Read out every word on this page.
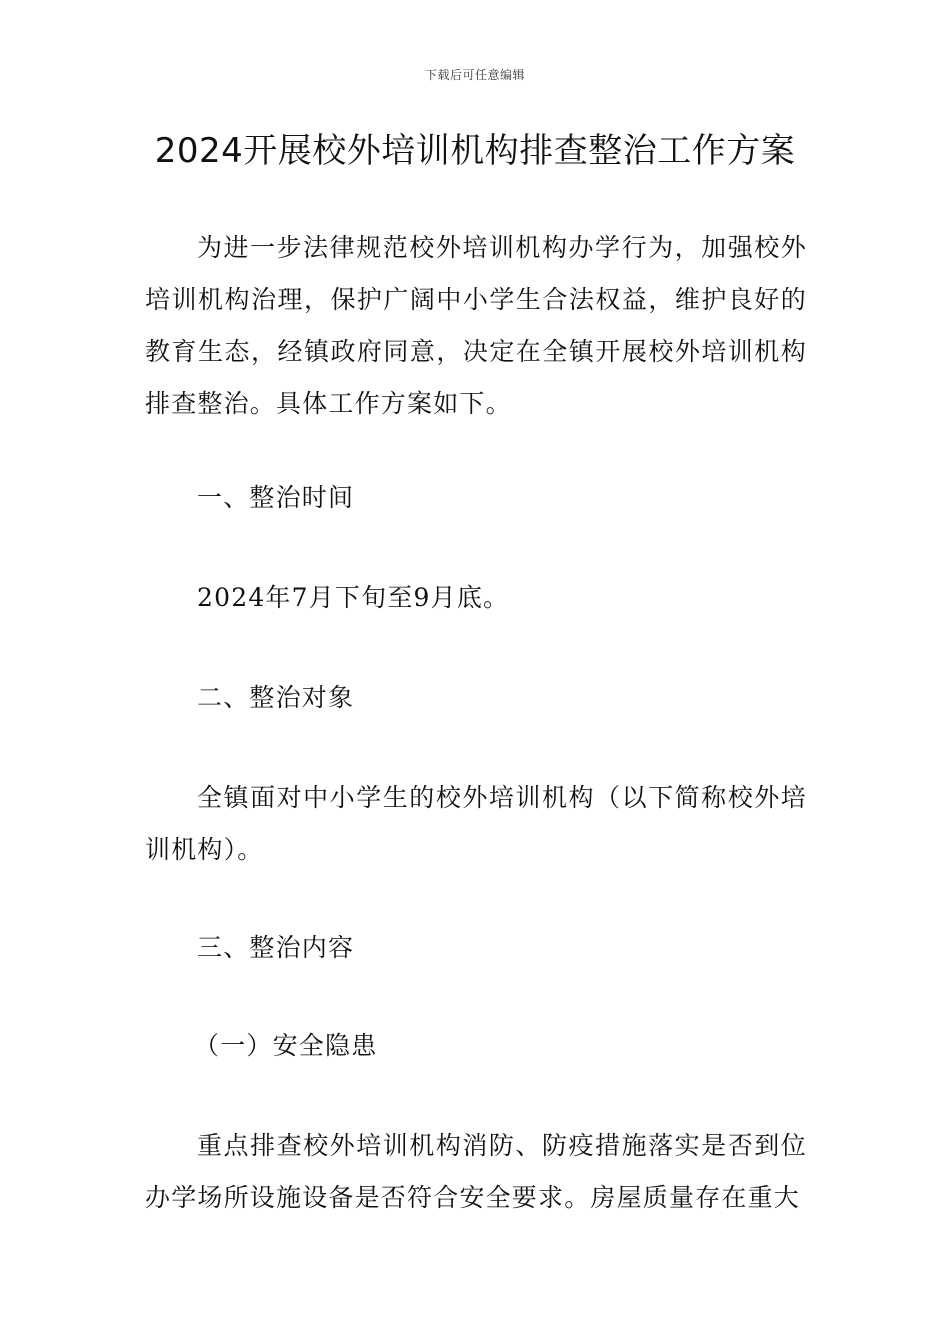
下载后可任意编辑
2024开展校外培训机构排查整治工作方案

为进一步法律规范校外培训机构办学行为，加强校外培训机构治理，保护广阔中小学生合法权益，维护良好的教育生态，经镇政府同意，决定在全镇开展校外培训机构排查整治。具体工作方案如下。

一、整治时间

2024年7月下旬至9月底。

二、整治对象

全镇面对中小学生的校外培训机构（以下简称校外培训机构）。

三、整治内容

（一）安全隐患

重点排查校外培训机构消防、防疫措施落实是否到位办学场所设施设备是否符合安全要求。房屋质量存在重大
